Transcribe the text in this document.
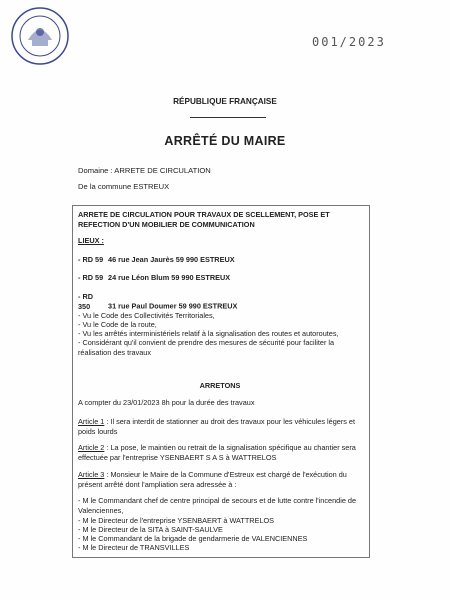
001/2023
RÉPUBLIQUE FRANÇAISE
ARRÊTÉ DU MAIRE
Domaine : ARRETE DE CIRCULATION
De la commune ESTREUX
ARRETE DE CIRCULATION POUR TRAVAUX DE SCELLEMENT, POSE ET REFECTION D'UN MOBILIER DE COMMUNICATION
LIEUX :
- RD 59 46 rue Jean Jaurès 59 990 ESTREUX
- RD 59 24 rue Léon Blum 59 990 ESTREUX
- RD 350 31 rue Paul Doumer 59 990 ESTREUX
- Vu le Code des Collectivités Territoriales,
- Vu le Code de la route,
- Vu les arrêtés interministériels relatif à la signalisation des routes et autoroutes,
- Considérant qu'il convient de prendre des mesures de sécurité pour faciliter la réalisation des travaux
ARRETONS
A compter du 23/01/2023 8h pour la durée des travaux
Article 1 : Il sera interdit de stationner au droit des travaux pour les véhicules légers et poids lourds
Article 2 : La pose, le maintien ou retrait de la signalisation spécifique au chantier sera effectuée par l'entreprise YSENBAERT S A S à WATTRELOS
Article 3 : Monsieur le Maire de la Commune d'Estreux est chargé de l'exécution du présent arrêté dont l'ampliation sera adressée à :
- M le Commandant chef de centre principal de secours et de lutte contre l'incendie de Valenciennes,
- M le Directeur de l'entreprise YSENBAERT à WATTRELOS
- M le Directeur de la SITA à SAINT-SAULVE
- M le Commandant de la brigade de gendarmerie de VALENCIENNES
- M le Directeur de TRANSVILLES
